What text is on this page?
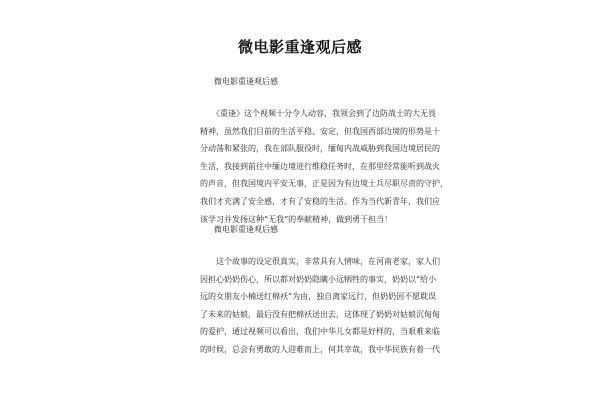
微电影重逢观后感
微电影重逢观后感
　　《重逢》这个视频十分令人动容，我领会到了边防战士的大无畏
精神，虽然我们目前的生活平稳、安定，但我国西部边境的形势是十
分动荡和紧张的，我在部队服役时，缅甸内战威胁到我国边境居民的
生活，我接到前往中缅边境进行维稳任务时，在那里经常能听到战火
的声音，但我国境内平安无事，正是因为有边境士兵尽职尽责的守护，
我们才充满了安全感，才有了安稳的生活。作为当代新青年，我们应
该学习并发扬这种“无我”的奉献精神，做到勇于担当！
微电影重逢观后感
　　这个故事的设定很真实，非常具有人情味，在河南老家，家人们
因担心奶奶伤心，所以都对奶奶隐瞒小远牺牲的事实，奶奶以“给小
远的女朋友小楠送红棉袄”为由，独自离家远行，但奶奶因不愿耽误
了未来的姑娘，最后没有把棉袄送出去，这体现了奶奶对姑娘沉甸甸
的爱护，通过视频可以看出，我们中华儿女都是好样的，当艰难来临
的时候，总会有勇敢的人迎难而上，何其幸哉，我中华民族有着一代
